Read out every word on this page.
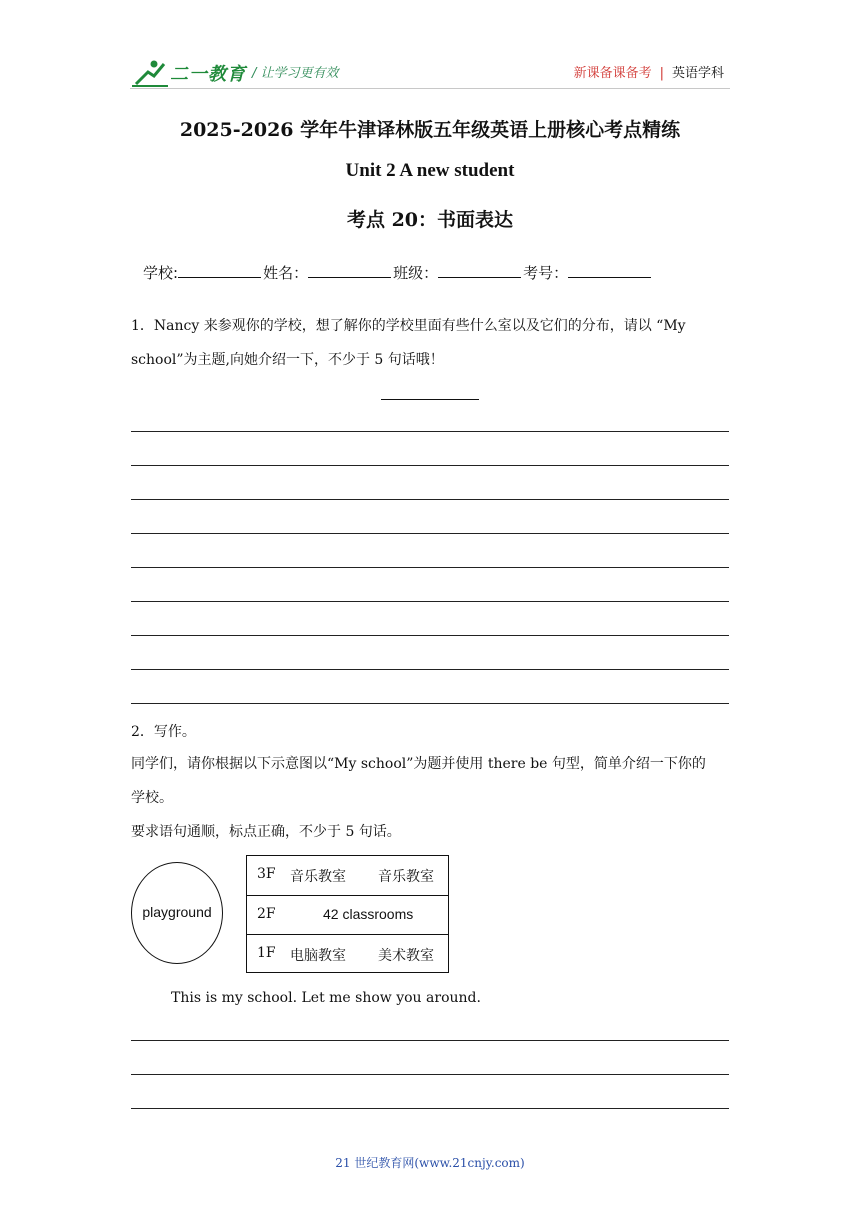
二一教育 / 让学习更有效	新课备课备考 | 英语学科
2025-2026 学年牛津译林版五年级英语上册核心考点精练
Unit 2 A new student
考点 20：书面表达
学校:	姓名：	班级：	考号：
1．Nancy 来参观你的学校，想了解你的学校里面有些什么室以及它们的分布，请以 “My
school”为主题,向她介绍一下，不少于 5 句话哦！
2．写作。
同学们，请你根据以下示意图以“My school”为题并使用 there be 句型，简单介绍一下你的
学校。
要求语句通顺，标点正确，不少于 5 句话。
playground
3F 音乐教室 音乐教室
2F	42 classrooms
1F 电脑教室 美术教室
This is my school. Let me show you around.
21 世纪教育网(www.21cnjy.com)
